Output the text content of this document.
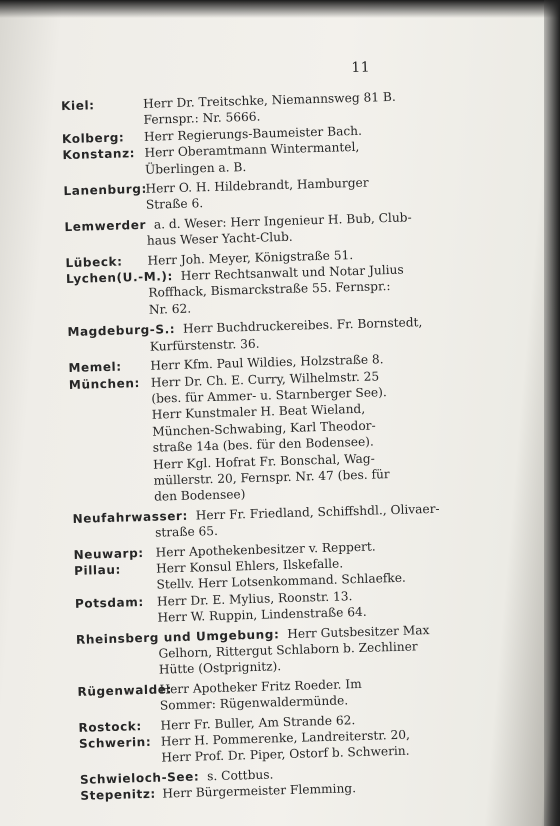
11
Kiel:	Herr Dr. Treitschke, Niemannsweg 81 B.
Fernspr.: Nr. 5666.
Kolberg:	Herr Regierungs-Baumeister Bach.
Konstanz: Herr Oberamtmann Wintermantel,
Überlingen a. B.
Lanenburg:
Herr O. H. Hildebrandt, Hamburger
Straße 6.
Lemwerder a. d. Weser: Herr Ingenieur H. Bub, Club-
haus Weser Yacht-Club.
Lübeck:	Herr Joh. Meyer, Königstraße 51.
Lychen(U.-M.): Herr Rechtsanwalt und Notar Julius
Roffhack, Bismarckstraße 55. Fernspr.:
Nr. 62.
Magdeburg-S.: Herr Buchdruckereibes. Fr. Bornstedt,
Kurfürstenstr. 36.
Memel:	Herr Kfm. Paul Wildies, Holzstraße 8.
München: Herr Dr. Ch. E. Curry, Wilhelmstr. 25
(bes. für Ammer- u. Starnberger See).
Herr Kunstmaler H. Beat Wieland,
München-Schwabing, Karl Theodor-
straße 14a (bes. für den Bodensee).
Herr Kgl. Hofrat Fr. Bonschal, Wag-
müllerstr. 20, Fernspr. Nr. 47 (bes. für
den Bodensee)
Neufahrwasser: Herr Fr. Friedland, Schiffshdl., Olivaer-
straße 65.
Neuwarp: Herr Apothekenbesitzer v. Reppert.
Pillau:	Herr Konsul Ehlers, Ilskefalle.
Stellv. Herr Lotsenkommand. Schlaefke.
Potsdam:	Herr Dr. E. Mylius, Roonstr. 13.
Herr W. Ruppin, Lindenstraße 64.
Rheinsberg und Umgebung: Herr Gutsbesitzer Max
Gelhorn, Rittergut Schlaborn b. Zechliner
Hütte (Ostprignitz).
Rügenwalde:
Herr Apotheker Fritz Roeder. Im
Sommer: Rügenwaldermünde.
Rostock:	Herr Fr. Buller, Am Strande 62.
Schwerin: Herr H. Pommerenke, Landreiterstr. 20,
Herr Prof. Dr. Piper, Ostorf b. Schwerin.
Schwieloch-See: s. Cottbus.
Stepenitz: Herr Bürgermeister Flemming.
